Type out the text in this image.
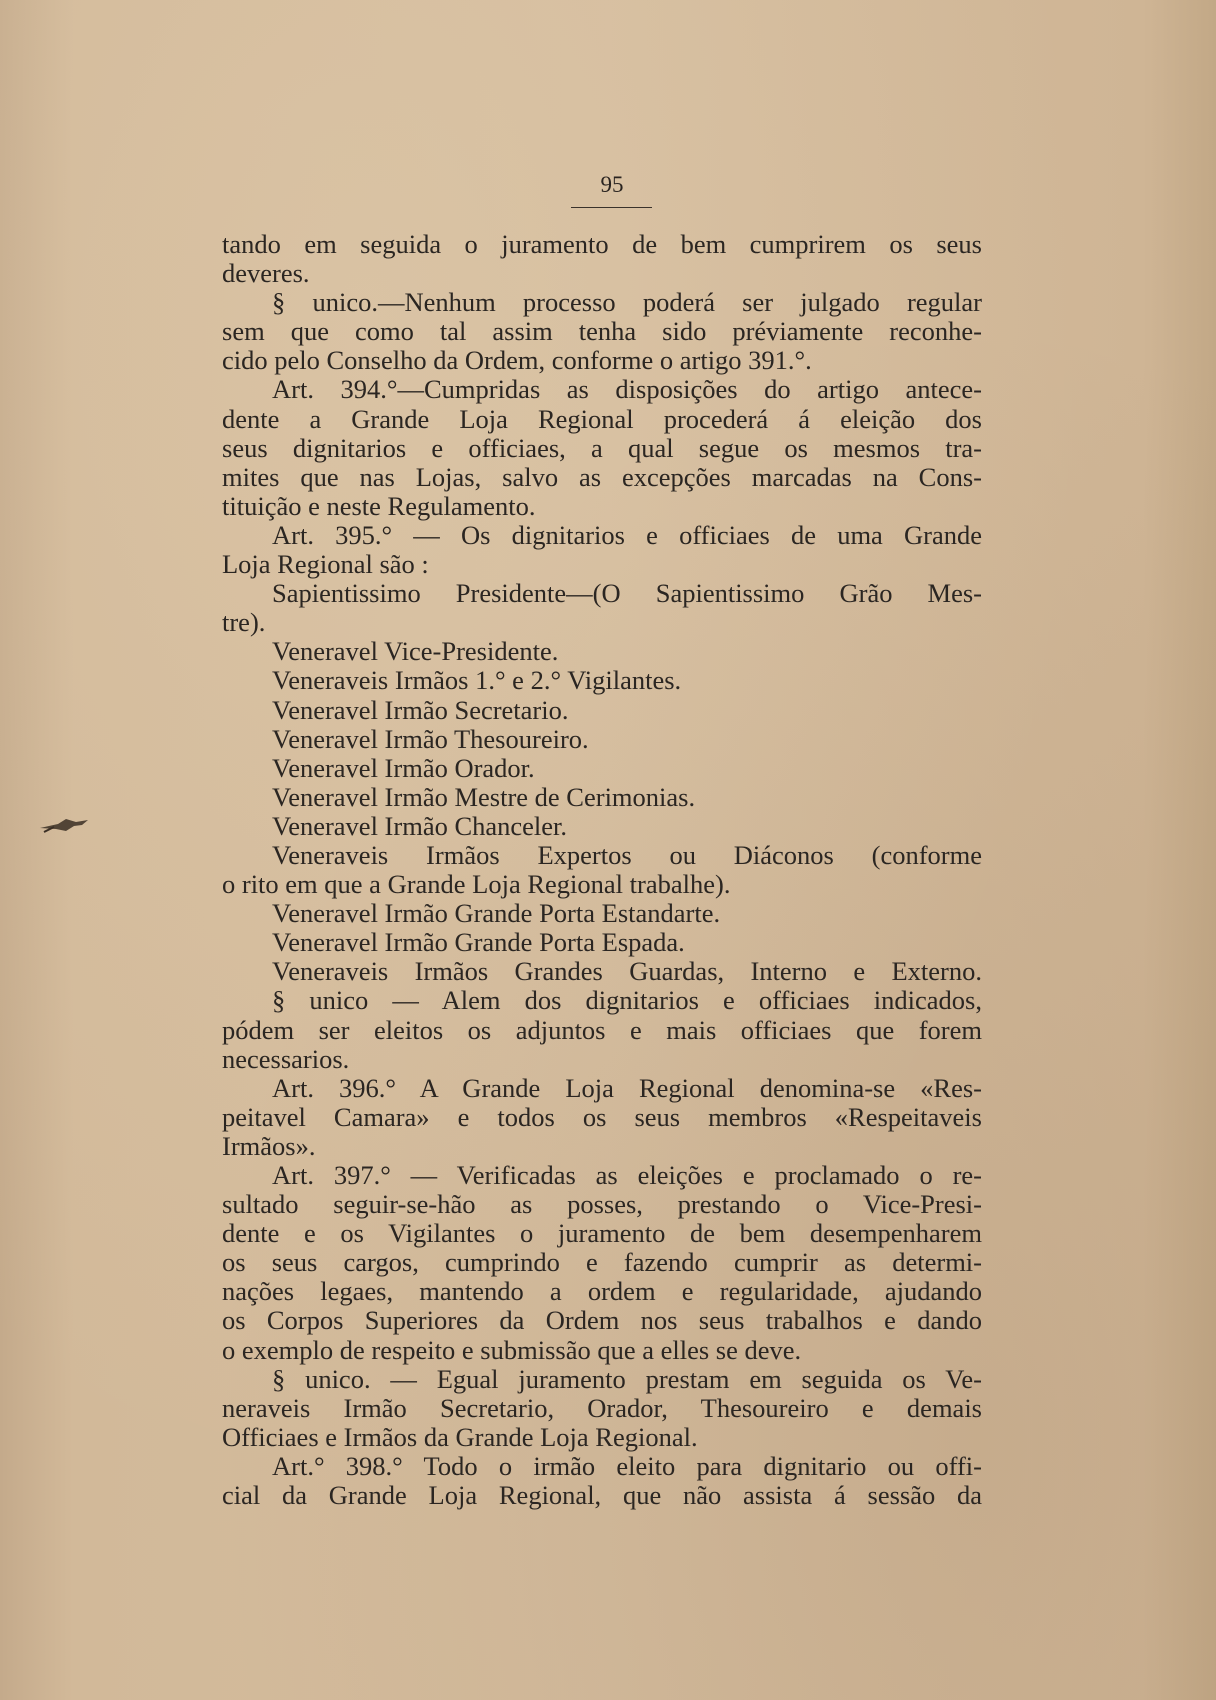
95
tando em seguida o juramento de bem cumprirem os seus
deveres.
§ unico.—Nenhum processo poderá ser julgado regular
sem que como tal assim tenha sido préviamente reconhe-
cido pelo Conselho da Ordem, conforme o artigo 391.°.
Art. 394.°—Cumpridas as disposições do artigo antece-
dente a Grande Loja Regional procederá á eleição dos
seus dignitarios e officiaes, a qual segue os mesmos tra-
mites que nas Lojas, salvo as excepções marcadas na Cons-
tituição e neste Regulamento.
Art. 395.° — Os dignitarios e officiaes de uma Grande
Loja Regional são :
Sapientissimo Presidente—(O Sapientissimo Grão Mes-
tre).
Veneravel Vice-Presidente.
Veneraveis Irmãos 1.° e 2.° Vigilantes.
Veneravel Irmão Secretario.
Veneravel Irmão Thesoureiro.
Veneravel Irmão Orador.
Veneravel Irmão Mestre de Cerimonias.
Veneravel Irmão Chanceler.
Veneraveis Irmãos Expertos ou Diáconos (conforme
o rito em que a Grande Loja Regional trabalhe).
Veneravel Irmão Grande Porta Estandarte.
Veneravel Irmão Grande Porta Espada.
Veneraveis Irmãos Grandes Guardas, Interno e Externo.
§ unico — Alem dos dignitarios e officiaes indicados,
pódem ser eleitos os adjuntos e mais officiaes que forem
necessarios.
Art. 396.° A Grande Loja Regional denomina-se «Res-
peitavel Camara» e todos os seus membros «Respeitaveis
Irmãos».
Art. 397.° — Verificadas as eleições e proclamado o re-
sultado seguir-se-hão as posses, prestando o Vice-Presi-
dente e os Vigilantes o juramento de bem desempenharem
os seus cargos, cumprindo e fazendo cumprir as determi-
nações legaes, mantendo a ordem e regularidade, ajudando
os Corpos Superiores da Ordem nos seus trabalhos e dando
o exemplo de respeito e submissão que a elles se deve.
§ unico. — Egual juramento prestam em seguida os Ve-
neraveis Irmão Secretario, Orador, Thesoureiro e demais
Officiaes e Irmãos da Grande Loja Regional.
Art.° 398.° Todo o irmão eleito para dignitario ou offi-
cial da Grande Loja Regional, que não assista á sessão da
